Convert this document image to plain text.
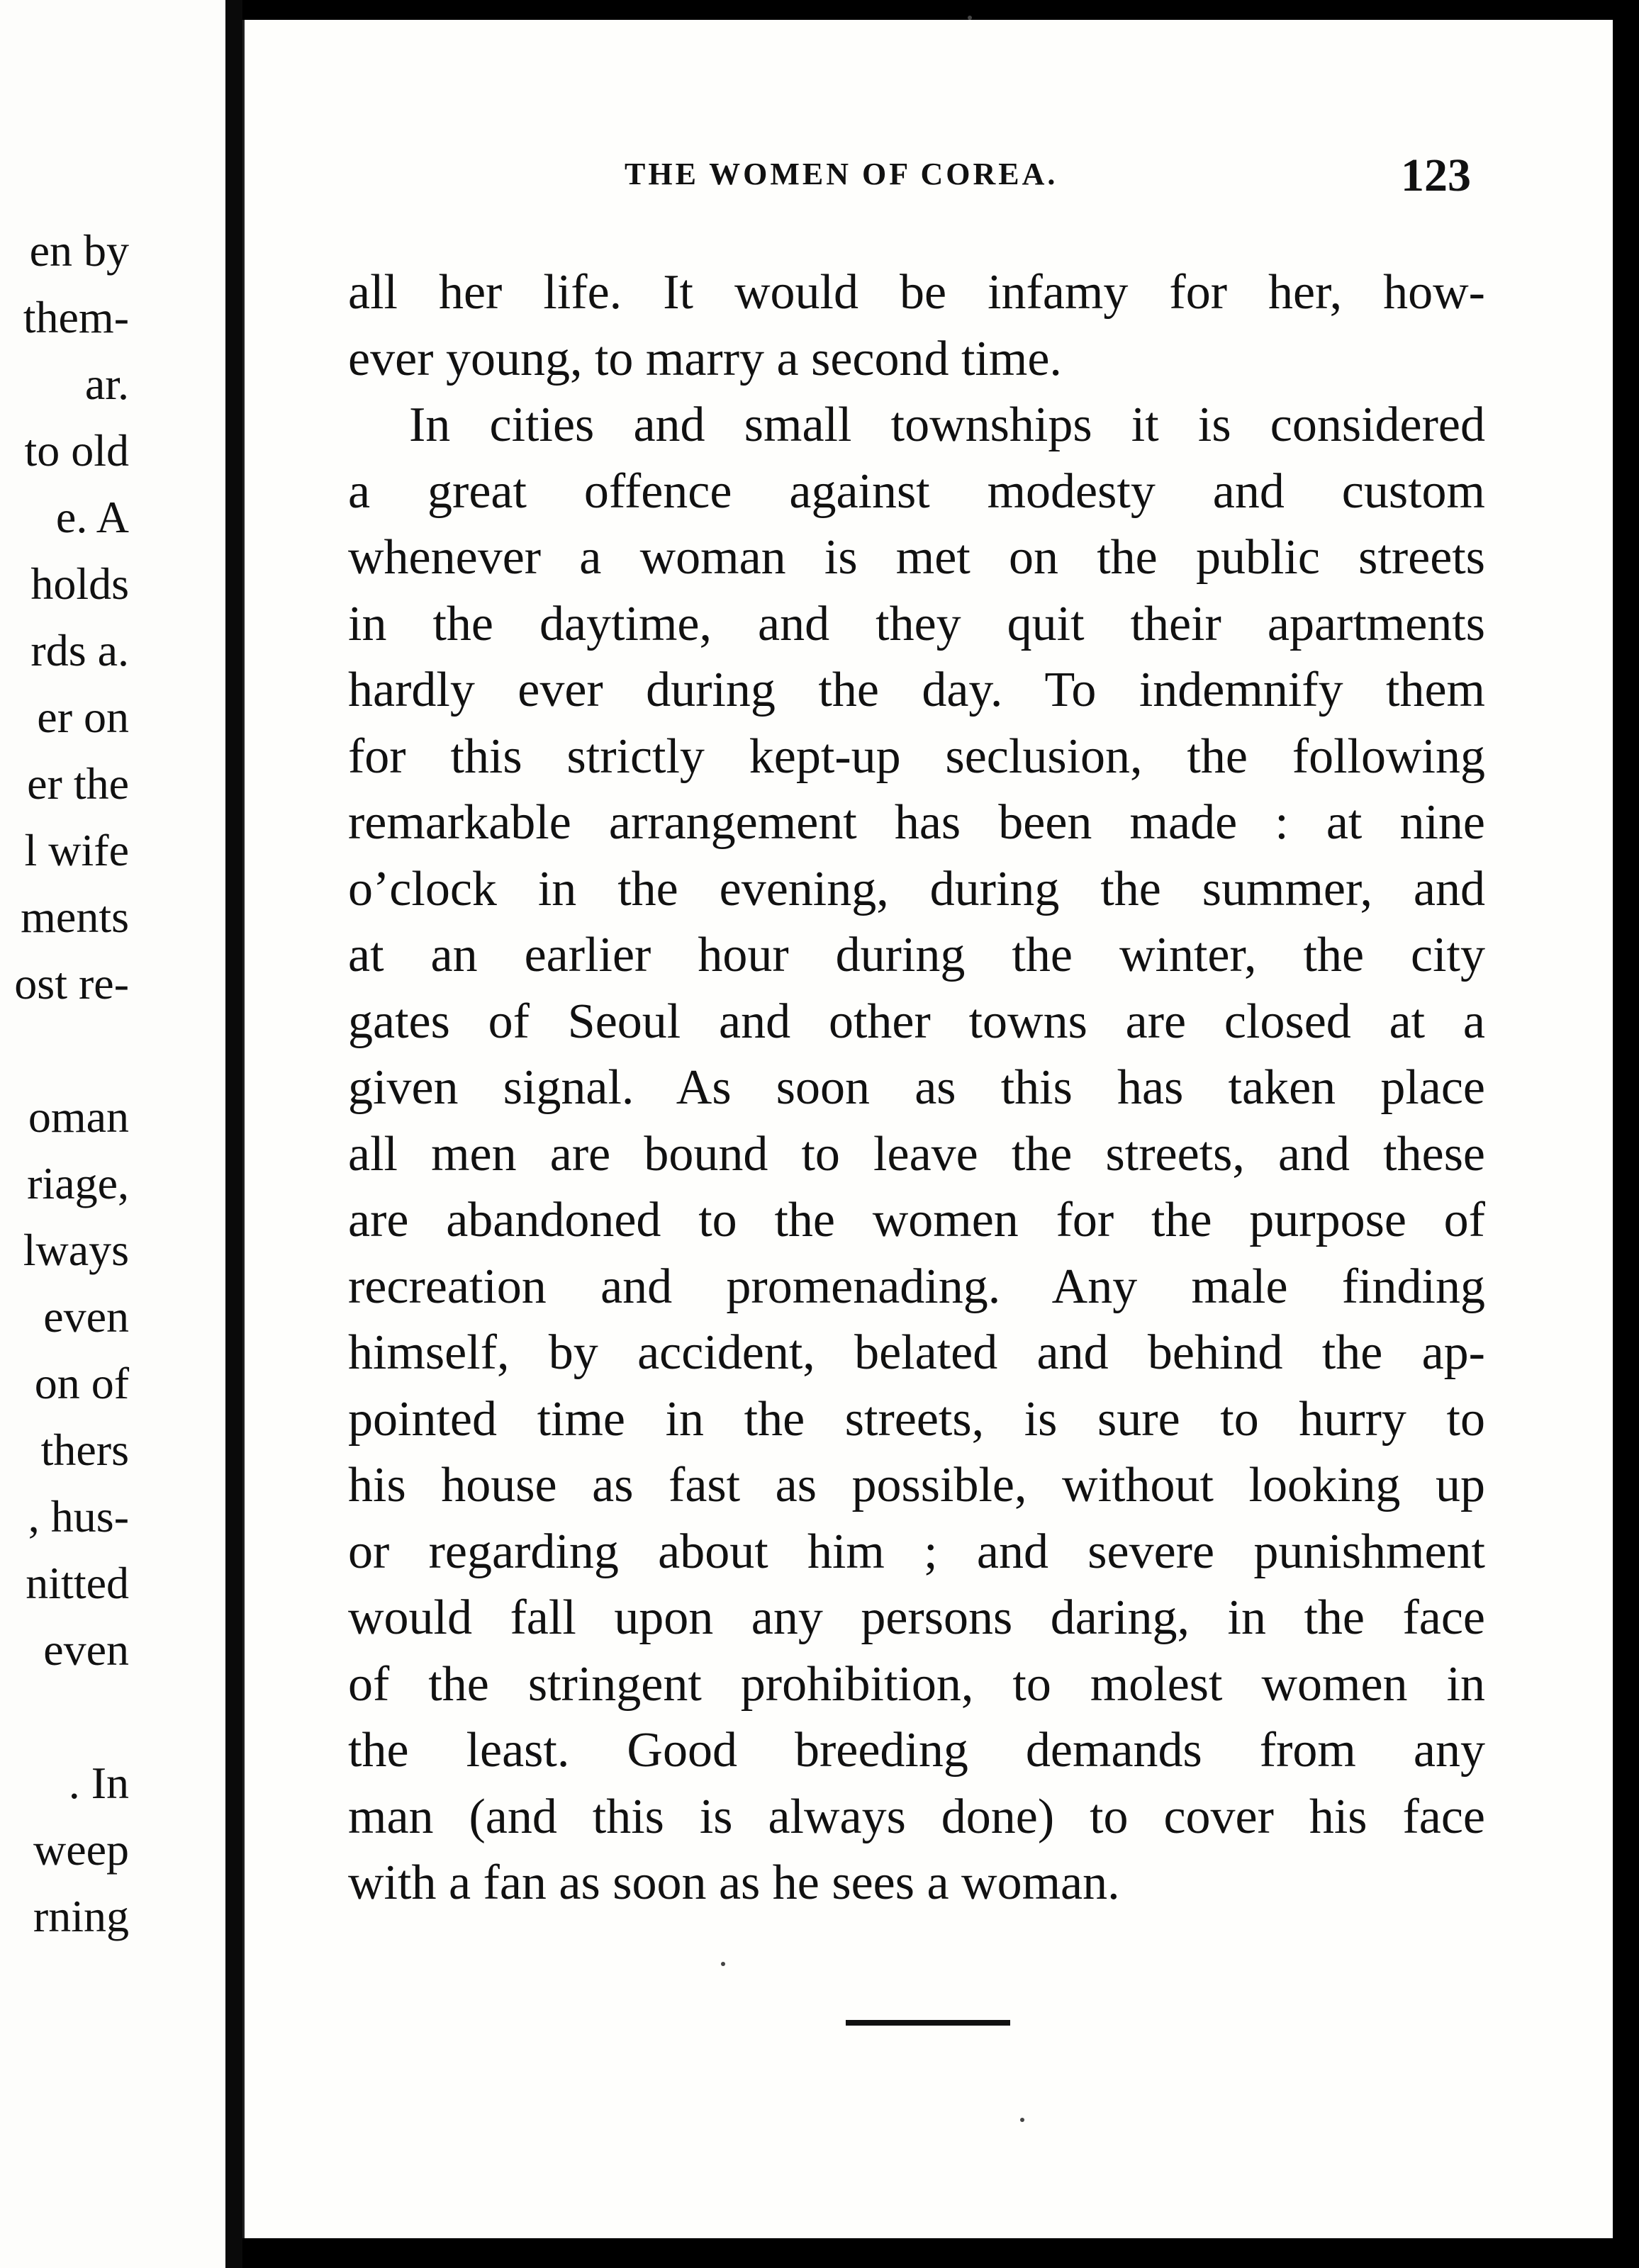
en by
them-
ar.
to old
e. A
holds
rds a.
er on
er the
l wife
ments
ost re-
oman
riage,
lways
even
on of
thers
, hus-
nitted
even
. In
weep
rning
THE WOMEN OF COREA.	123
all her life. It would be infamy for her, how-
ever young, to marry a second time.
In cities and small townships it is considered
a great offence against modesty and custom
whenever a woman is met on the public streets
in the daytime, and they quit their apartments
hardly ever during the day. To indemnify them
for this strictly kept-up seclusion, the following
remarkable arrangement has been made : at nine
o’clock in the evening, during the summer, and
at an earlier hour during the winter, the city
gates of Seoul and other towns are closed at a
given signal. As soon as this has taken place
all men are bound to leave the streets, and these
are abandoned to the women for the purpose of
recreation and promenading. Any male finding
himself, by accident, belated and behind the ap-
pointed time in the streets, is sure to hurry to
his house as fast as possible, without looking up
or regarding about him ; and severe punishment
would fall upon any persons daring, in the face
of the stringent prohibition, to molest women in
the least. Good breeding demands from any
man (and this is always done) to cover his face
with a fan as soon as he sees a woman.
